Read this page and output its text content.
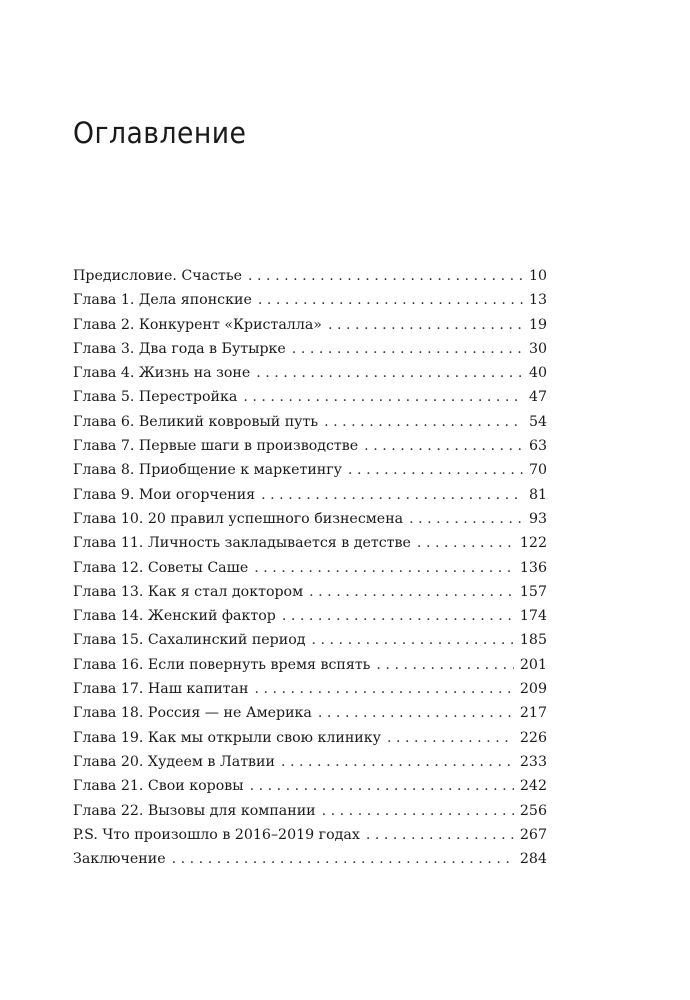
Оглавление
Предисловие. Счастье . . .	10
Глава 1. Дела японские . . .	13
Глава 2. Конкурент «Кристалла» . . .	19
Глава 3. Два года в Бутырке . . .	30
Глава 4. Жизнь на зоне . . .	40
Глава 5. Перестройка . . .	47
Глава 6. Великий ковровый путь . . .	54
Глава 7. Первые шаги в производстве . . .	63
Глава 8. Приобщение к маркетингу . . .	70
Глава 9. Мои огорчения . . .	81
Глава 10. 20 правил успешного бизнесмена . . .	93
Глава 11. Личность закладывается в детстве . . .	122
Глава 12. Советы Саше . . .	136
Глава 13. Как я стал доктором . . .	157
Глава 14. Женский фактор . . .	174
Глава 15. Сахалинский период . . .	185
Глава 16. Если повернуть время вспять . . .	201
Глава 17. Наш капитан . . .	209
Глава 18. Россия — не Америка . . .	217
Глава 19. Как мы открыли свою клинику . . .	226
Глава 20. Худеем в Латвии . . .	233
Глава 21. Свои коровы . . .	242
Глава 22. Вызовы для компании . . .	256
P.S. Что произошло в 2016–2019 годах . . .	267
Заключение . . .	284
